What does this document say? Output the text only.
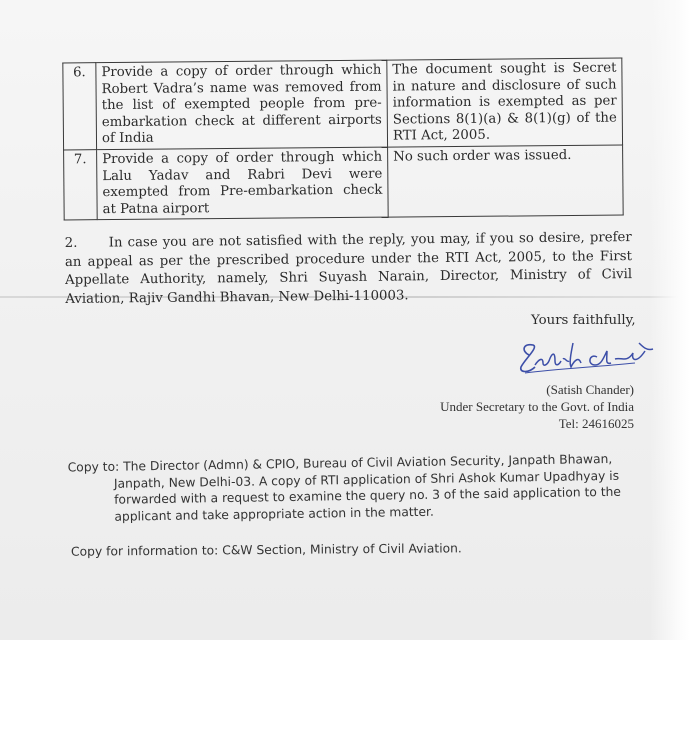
6.	Provide a copy of order through which Robert Vadra’s name was removed from the list of exempted people from pre-embarkation check at different airports of India	The document sought is Secret in nature and disclosure of such information is exempted as per Sections 8(1)(a) & 8(1)(g) of the RTI Act, 2005.
7.	Provide a copy of order through which Lalu Yadav and Rabri Devi were exempted from Pre-embarkation check at Patna airport	No such order was issued.
2. In case you are not satisfied with the reply, you may, if you so desire, prefer an appeal as per the prescribed procedure under the RTI Act, 2005, to the First Appellate Authority, namely, Shri Suyash Narain, Director, Ministry of Civil Aviation, Rajiv Gandhi Bhavan, New Delhi-110003.
Yours faithfully,
(Satish Chander)
Under Secretary to the Govt. of India
Tel: 24616025
Copy to: The Director (Admn) & CPIO, Bureau of Civil Aviation Security, Janpath Bhawan,
Janpath, New Delhi-03. A copy of RTI application of Shri Ashok Kumar Upadhyay is forwarded with a request to examine the query no. 3 of the said application to the applicant and take appropriate action in the matter.
Copy for information to: C&W Section, Ministry of Civil Aviation.
